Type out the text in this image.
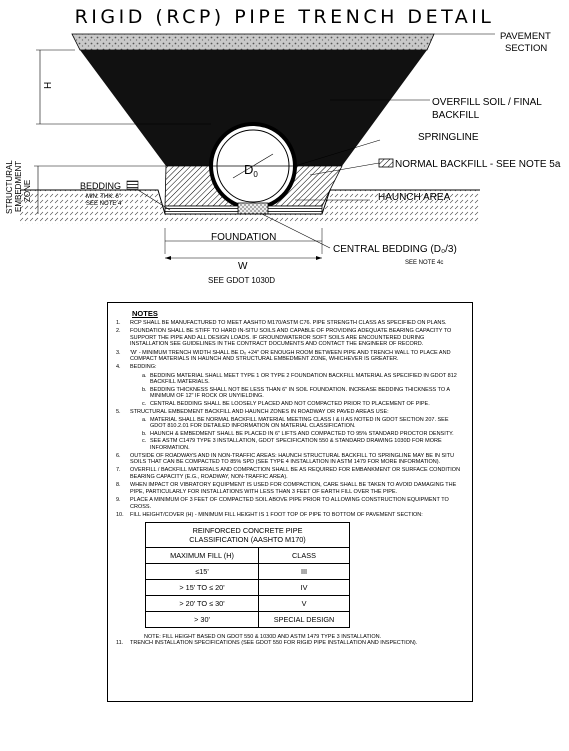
RIGID (RCP) PIPE TRENCH DETAIL
SPRINGLINE
$D_0$
PAVEMENT
SECTION
H
OVERFILL SOIL / FINAL
BACKFILL
NORMAL BACKFILL - SEE NOTE 5a
HAUNCH AREA
STRUCTURAL EMBEDMENT ZONE	BEDDING
MIN. THK. 6"
SEE NOTE 4
FOUNDATION
CENTRAL BEDDING (D₀/3)
SEE NOTE 4c
W
SEE GDOT 1030D
NOTES
1.	RCP SHALL BE MANUFACTURED TO MEET AASHTO M170/ASTM C76. PIPE STRENGTH CLASS AS SPECIFIED ON PLANS.
2.	FOUNDATION SHALL BE STIFF TO HARD IN-SITU SOILS AND CAPABLE OF PROVIDING ADEQUATE BEARING CAPACITY TO SUPPORT THE PIPE AND ALL DESIGN LOADS. IF GROUNDWATEROR SOFT SOILS ARE ENCOUNTERED DURING INSTALLATION SEE GUIDELINES IN THE CONTRACT DOCUMENTS AND CONTACT THE ENGINEER OF RECORD.
3.	'W' - MINIMUM TRENCH WIDTH SHALL BE D₀ +24" OR ENOUGH ROOM BETWEEN PIPE AND TRENCH WALL TO PLACE AND COMPACT MATERIALS IN HAUNCH AND STRUCTURAL EMBEDMENT ZONE, WHICHEVER IS GREATER.
4.	BEDDING:
a. BEDDING MATERIAL SHALL MEET TYPE 1 OR TYPE 2 FOUNDATION BACKFILL MATERIAL AS SPECIFIED IN GDOT 812 BACKFILL MATERIALS.
b. BEDDING THICKNESS SHALL NOT BE LESS THAN 6" IN SOIL FOUNDATION. INCREASE BEDDING THICKNESS TO A MINIMUM OF 12" IF ROCK OR UNYIELDING.
c. CENTRAL BEDDING SHALL BE LOOSELY PLACED AND NOT COMPACTED PRIOR TO PLACEMENT OF PIPE.
5.	STRUCTURAL EMBEDMENT BACKFILL AND HAUNCH ZONES IN ROADWAY OR PAVED AREAS USE:
a. MATERIAL SHALL BE NORMAL BACKFILL MATERIAL MEETING CLASS I & II AS NOTED IN GDOT SECTION 207. SEE GDOT 810.2.01 FOR DETAILED INFORMATION ON MATERIAL CLASSIFICATION.
b. HAUNCH & EMBEDMENT SHALL BE PLACED IN 6" LIFTS AND COMPACTED TO 95% STANDARD PROCTOR DENSITY.
c. SEE ASTM C1479 TYPE 3 INSTALLATION, GDOT SPECIFICATION 550 & STANDARD DRAWING 1030D FOR MORE INFORMATION.
6.	OUTSIDE OF ROADWAYS AND IN NON-TRAFFIC AREAS: HAUNCH STRUCTURAL BACKFILL TO SPRINGLINE MAY BE IN SITU SOILS THAT CAN BE COMPACTED TO 85% SPD (SEE TYPE 4 INSTALLATION IN ASTM 1479 FOR MORE INFORMATION).
7.	OVERFILL / BACKFILL MATERIALS AND COMPACTION SHALL BE AS REQUIRED FOR EMBANKMENT OR SURFACE CONDITION BEARING CAPACITY (E.G., ROADWAY, NON-TRAFFIC AREA).
8.	WHEN IMPACT OR VIBRATORY EQUIPMENT IS USED FOR COMPACTION, CARE SHALL BE TAKEN TO AVOID DAMAGING THE PIPE, PARTICULARLY FOR INSTALLATIONS WITH LESS THAN 3 FEET OF EARTH FILL OVER THE PIPE.
9.	PLACE A MINIMUM OF 3 FEET OF COMPACTED SOIL ABOVE PIPE PRIOR TO ALLOWING CONSTRUCTION EQUIPMENT TO CROSS.
10.	FILL HEIGHT/COVER (H) - MINIMUM FILL HEIGHT IS 1 FOOT TOP OF PIPE TO BOTTOM OF PAVEMENT SECTION:
REINFORCED CONCRETE PIPE
CLASSIFICATION (AASHTO M170)	
MAXIMUM FILL (H)	CLASS
≤15'	III
> 15' TO ≤ 20'	IV
> 20' TO ≤ 30'	V
> 30'	SPECIAL DESIGN
NOTE: FILL HEIGHT BASED ON GDOT 550 & 1030D AND ASTM 1479 TYPE 3 INSTALLATION.
11.	TRENCH INSTALLATION SPECIFICATIONS (SEE GDOT 550 FOR RIGID PIPE INSTALLATION AND INSPECTION).
